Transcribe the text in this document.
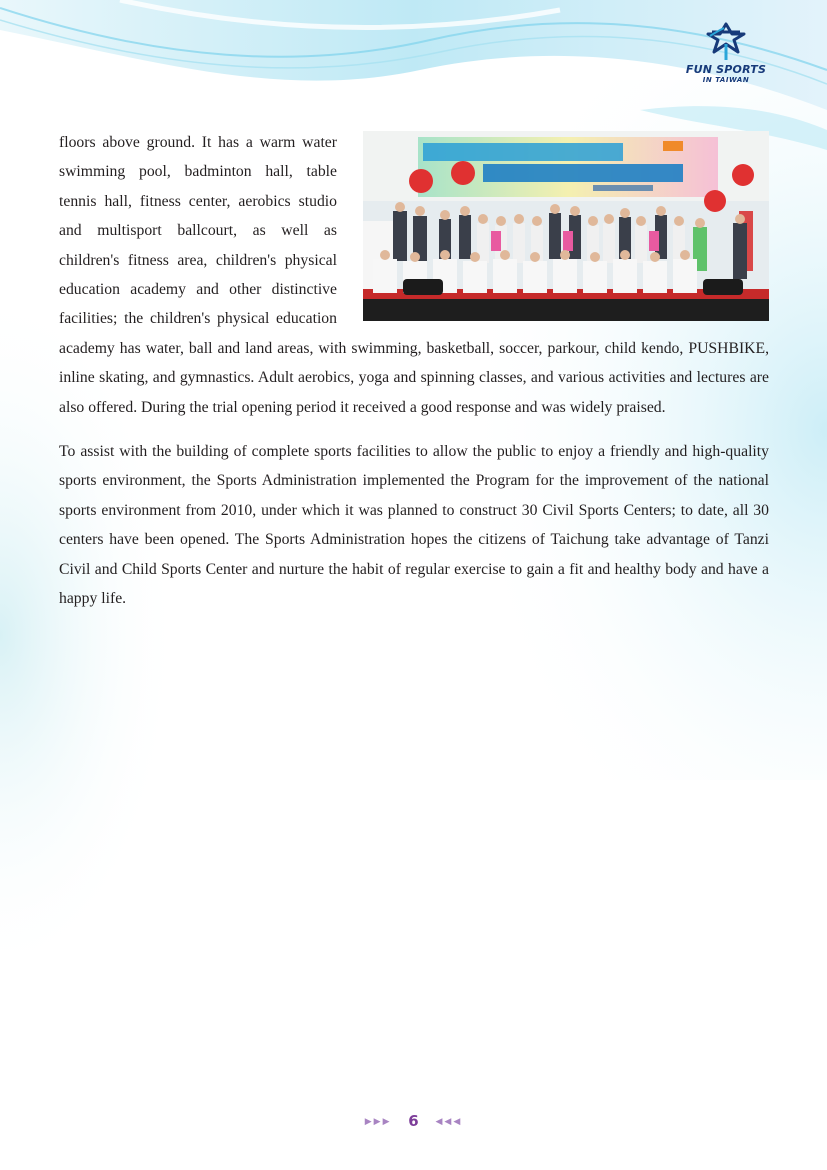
FUN SPORTS
IN TAIWAN

floors above ground. It has a warm water swimming pool, badminton hall, table tennis hall, fitness center, aerobics studio and multisport ballcourt, as well as children's fitness area, children's physical education academy and other distinctive facilities; the children's physical education academy has water, ball and land areas, with swimming, basketball, soccer, parkour, child kendo, PUSHBIKE, inline skating, and gymnastics. Adult aerobics, yoga and spinning classes, and various activities and lectures are also offered. During the trial opening period it received a good response and was widely praised.

To assist with the building of complete sports facilities to allow the public to enjoy a friendly and high-quality sports environment, the Sports Administration implemented the Program for the improvement of the national sports environment from 2010, under which it was planned to construct 30 Civil Sports Centers; to date, all 30 centers have been opened. The Sports Administration hopes the citizens of Taichung take advantage of Tanzi Civil and Child Sports Center and nurture the habit of regular exercise to gain a fit and healthy body and have a happy life.

▶▶▶ 6 ◀◀◀
